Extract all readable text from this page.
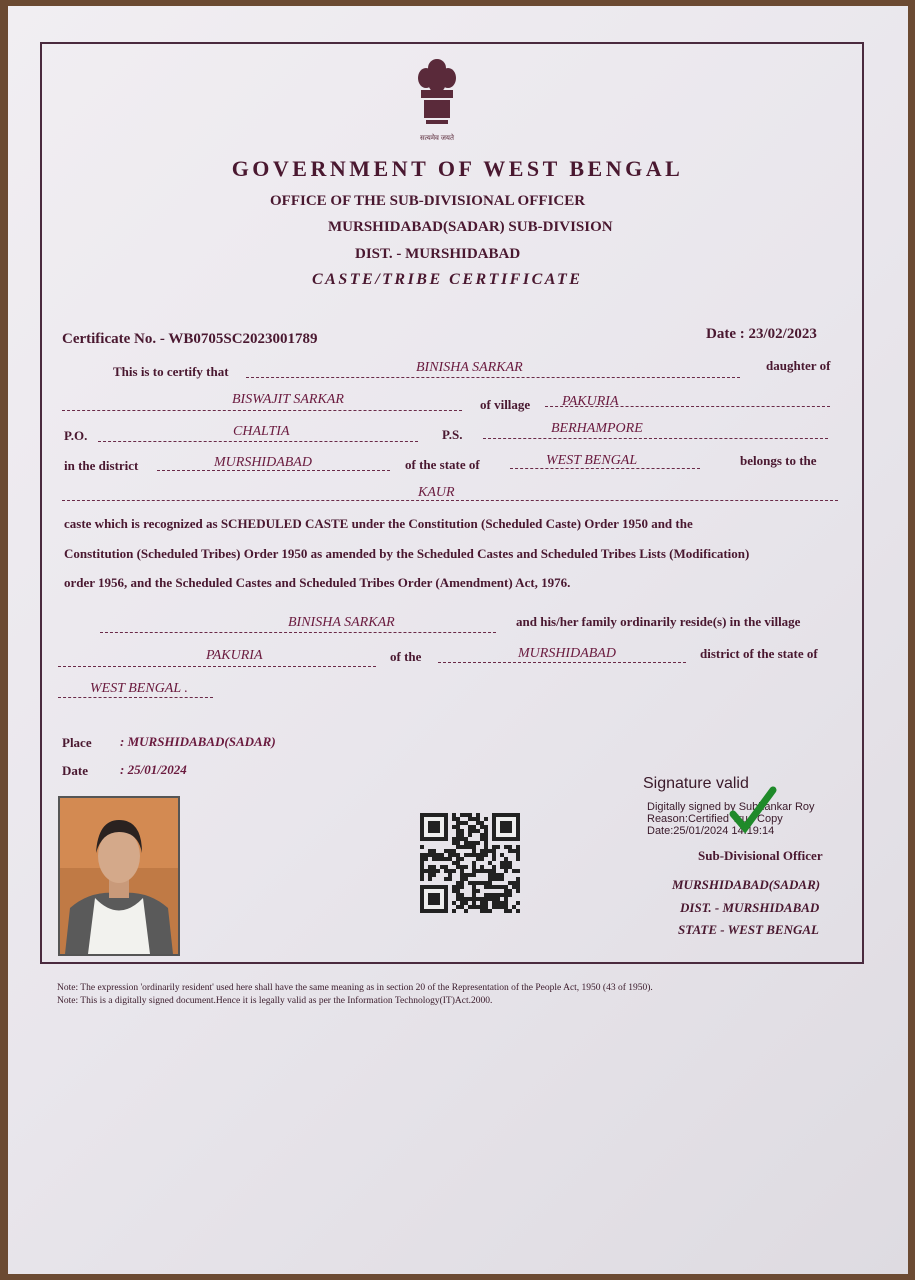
सत्यमेव जयते
GOVERNMENT OF WEST BENGAL
OFFICE OF THE SUB-DIVISIONAL OFFICER
MURSHIDABAD(SADAR) SUB-DIVISION
DIST. - MURSHIDABAD
CASTE/TRIBE CERTIFICATE
Certificate No. - WB0705SC2023001789	Date : 23/02/2023
This is to certify that	BINISHA SARKAR	daughter of
BISWAJIT SARKAR	of village PAKURIA
P.O.	CHALTIA	P.S.	BERHAMPORE
in the district	MURSHIDABAD	of the state of	WEST BENGAL	belongs to the
KAUR
caste which is recognized as SCHEDULED CASTE under the Constitution (Scheduled Caste) Order 1950 and the
Constitution (Scheduled Tribes) Order 1950 as amended by the Scheduled Castes and Scheduled Tribes Lists (Modification)
order 1956, and the Scheduled Castes and Scheduled Tribes Order (Amendment) Act, 1976.
BINISHA SARKAR	and his/her family ordinarily reside(s) in the village
PAKURIA	of the	MURSHIDABAD	district of the state of
WEST BENGAL .
Place : MURSHIDABAD(SADAR)
Date : 25/01/2024
Signature valid
Digitally signed by Subhankar Roy
Reason:Certified True Copy
Date:25/01/2024 14:19:14
Sub-Divisional Officer
MURSHIDABAD(SADAR)
DIST. - MURSHIDABAD
STATE - WEST BENGAL
Note: The expression 'ordinarily resident' used here shall have the same meaning as in section 20 of the Representation of the People Act, 1950 (43 of 1950).
Note: This is a digitally signed document.Hence it is legally valid as per the Information Technology(IT)Act.2000.
